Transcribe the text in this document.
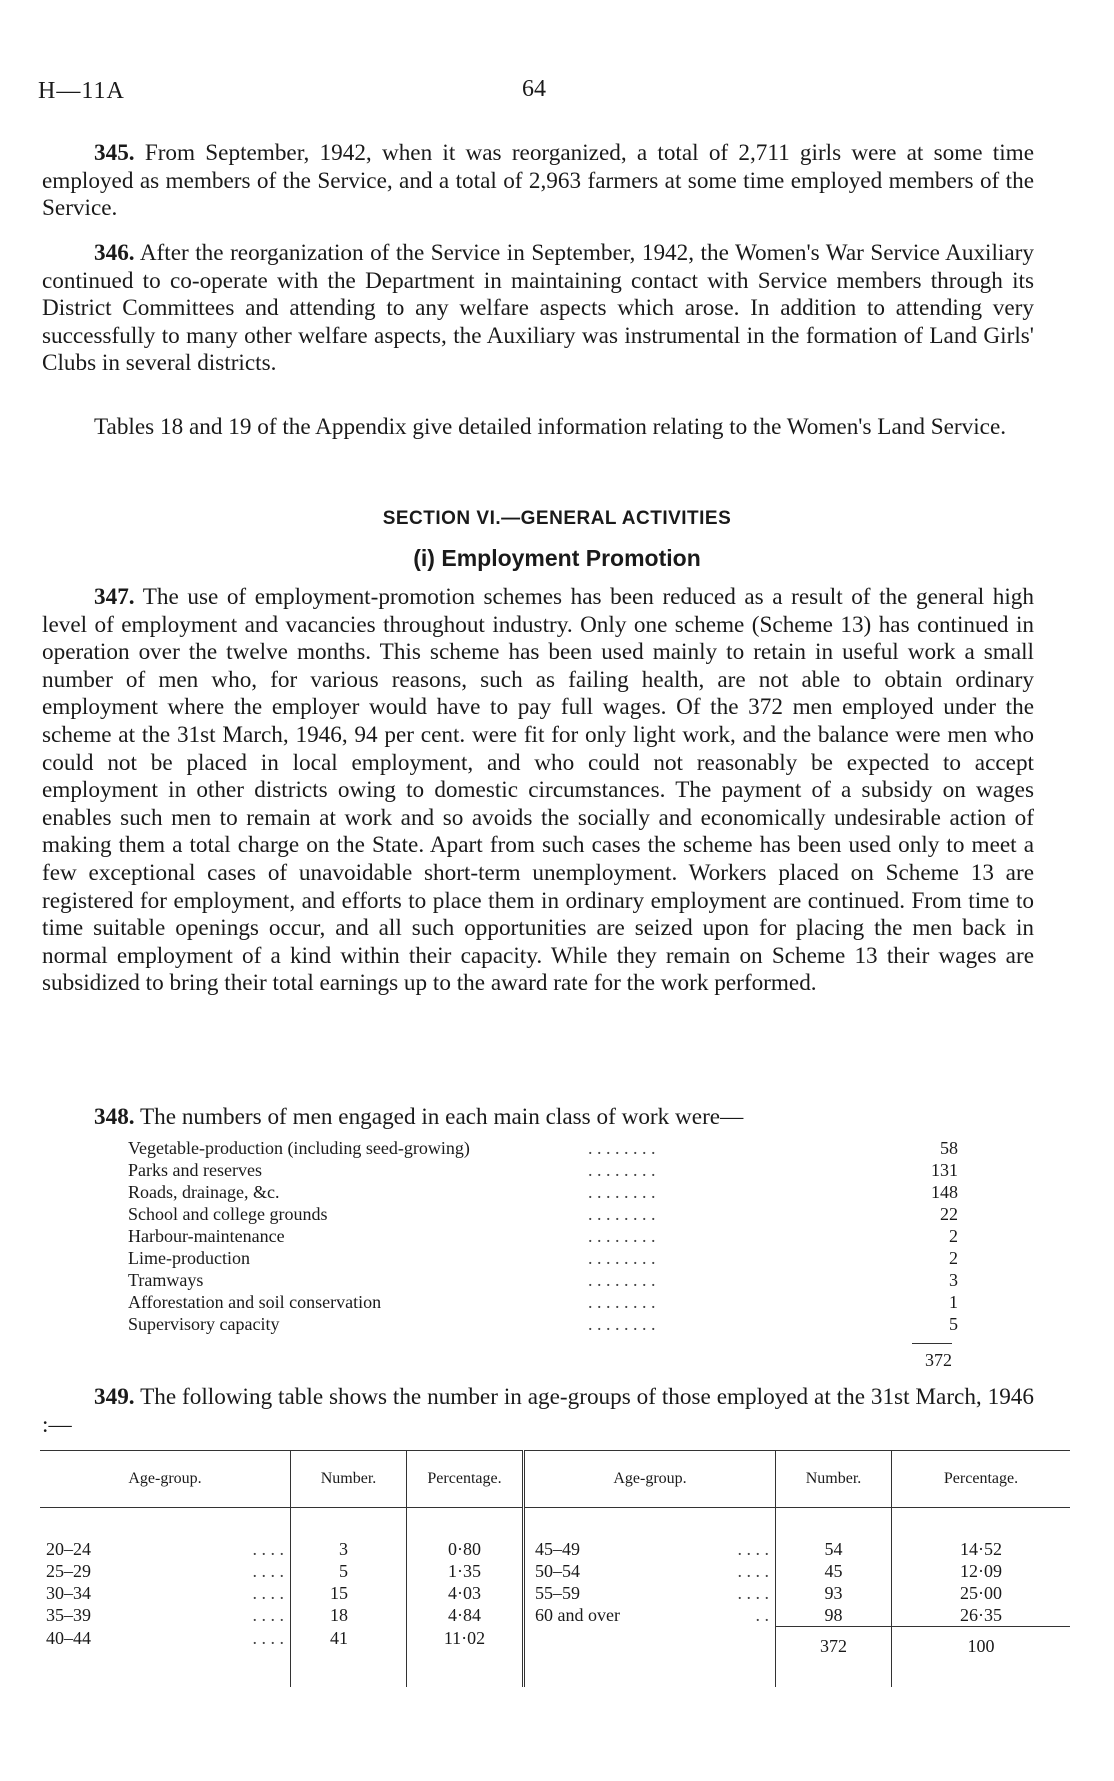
H—11A	64

345. From September, 1942, when it was reorganized, a total of 2,711 girls were at some time employed as members of the Service, and a total of 2,963 farmers at some time employed members of the Service.

346. After the reorganization of the Service in September, 1942, the Women's War Service Auxiliary continued to co-operate with the Department in maintaining contact with Service members through its District Committees and attending to any welfare aspects which arose. In addition to attending very successfully to many other welfare aspects, the Auxiliary was instrumental in the formation of Land Girls' Clubs in several districts.

Tables 18 and 19 of the Appendix give detailed information relating to the Women's Land Service.

SECTION VI.—GENERAL ACTIVITIES
(i) Employment Promotion

347. The use of employment-promotion schemes has been reduced as a result of the general high level of employment and vacancies throughout industry. Only one scheme (Scheme 13) has continued in operation over the twelve months. This scheme has been used mainly to retain in useful work a small number of men who, for various reasons, such as failing health, are not able to obtain ordinary employment where the employer would have to pay full wages. Of the 372 men employed under the scheme at the 31st March, 1946, 94 per cent. were fit for only light work, and the balance were men who could not be placed in local employment, and who could not reasonably be expected to accept employment in other districts owing to domestic circumstances. The payment of a subsidy on wages enables such men to remain at work and so avoids the socially and economically undesirable action of making them a total charge on the State. Apart from such cases the scheme has been used only to meet a few exceptional cases of unavoidable short-term unemployment. Workers placed on Scheme 13 are registered for employment, and efforts to place them in ordinary employment are continued. From time to time suitable openings occur, and all such opportunities are seized upon for placing the men back in normal employment of a kind within their capacity. While they remain on Scheme 13 their wages are subsidized to bring their total earnings up to the award rate for the work performed.

348. The numbers of men engaged in each main class of work were—

Vegetable-production (including seed-growing)	. . . . . . . .	58
Parks and reserves	. . . . . . . .	131
Roads, drainage, &c.	. . . . . . . .	148
School and college grounds	. . . . . . . .	22
Harbour-maintenance	. . . . . . . .	2
Lime-production	. . . . . . . .	2
Tramways	. . . . . . . .	3
Afforestation and soil conservation	. . . . . . . .	1
Supervisory capacity	. . . . . . . .	5
372

349. The following table shows the number in age-groups of those employed at the 31st March, 1946 :—

Age-group.	Number.	Percentage.	Age-group.	Number.	Percentage.
20–24 . . . .	3	0·80	45–49 . . . .	54	14·52
25–29 . . . .	5	1·35	50–54 . . . .	45	12·09
30–34 . . . .	15	4·03	55–59 . . . .	93	25·00
35–39 . . . .	18	4·84	60 and over . .	98	26·35
40–44 . . . .	41	11·02		372	100
